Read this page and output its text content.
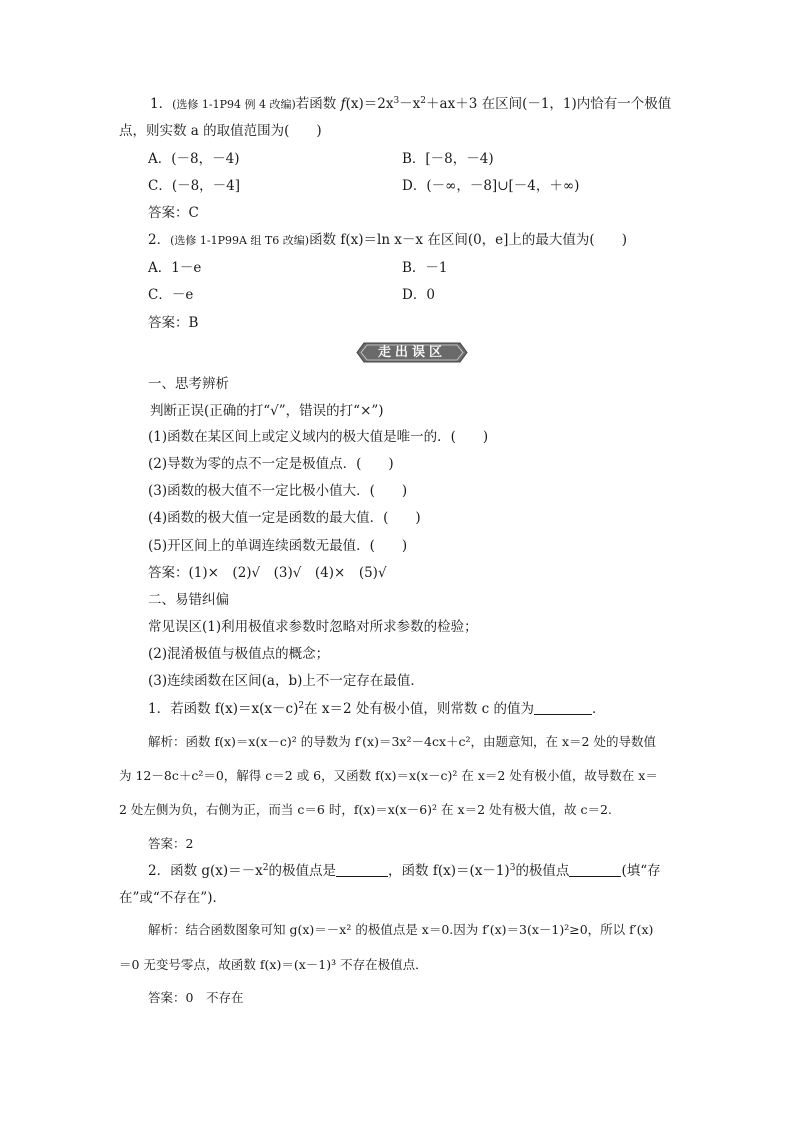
1．(选修 1-1P94 例 4 改编)若函数 $f(x)=2x^3-x^2+ax+3$ 在区间(－1，1)内恰有一个极值
点，则实数 a 的取值范围为(　　)
A．(－8，－4)	B．[－8，－4)
C．(－8，－4]	D．(－∞，－8]∪[－4，＋∞)
答案：C
2．(选修 1-1P99A 组 T6 改编)函数 f(x)＝ln x－x 在区间(0，e]上的最大值为(　　)
A．1－e	B．－1
C．－e	D．0
答案：B
走出误区
一、思考辨析
判断正误(正确的打“√”，错误的打“×”)
(1)函数在某区间上或定义域内的极大值是唯一的．(　　)
(2)导数为零的点不一定是极值点．(　　)
(3)函数的极大值不一定比极小值大．(　　)
(4)函数的极大值一定是函数的最大值．(　　)
(5)开区间上的单调连续函数无最值．(　　)
答案：(1)×　(2)√　(3)√　(4)×　(5)√
二、易错纠偏
常见误区(1)利用极值求参数时忽略对所求参数的检验；
(2)混淆极值与极值点的概念；
(3)连续函数在区间(a，b)上不一定存在最值．
1．若函数 $f(x)=x(x-c)^2$在 x＝2 处有极小值，则常数 c 的值为	．
解析：函数 f(x)＝x(x－c)² 的导数为 f′(x)＝3x²－4cx＋c²，由题意知，在 x＝2 处的导数值
为 12－8c＋c²＝0，解得 c＝2 或 6，又函数 f(x)＝x(x－c)² 在 x＝2 处有极小值，故导数在 x＝
2 处左侧为负，右侧为正，而当 c＝6 时，f(x)＝x(x－6)² 在 x＝2 处有极大值，故 c＝2.
答案：2
2．函数 $g(x)=-x^2$的极值点是	，函数 $f(x)=(x-1)^3$的极值点	(填“存
在”或“不存在”)．
解析：结合函数图象可知 g(x)＝－x² 的极值点是 x＝0.因为 f′(x)＝3(x－1)²≥0，所以 f′(x)
＝0 无变号零点，故函数 f(x)＝(x－1)³ 不存在极值点．
答案：0　不存在
